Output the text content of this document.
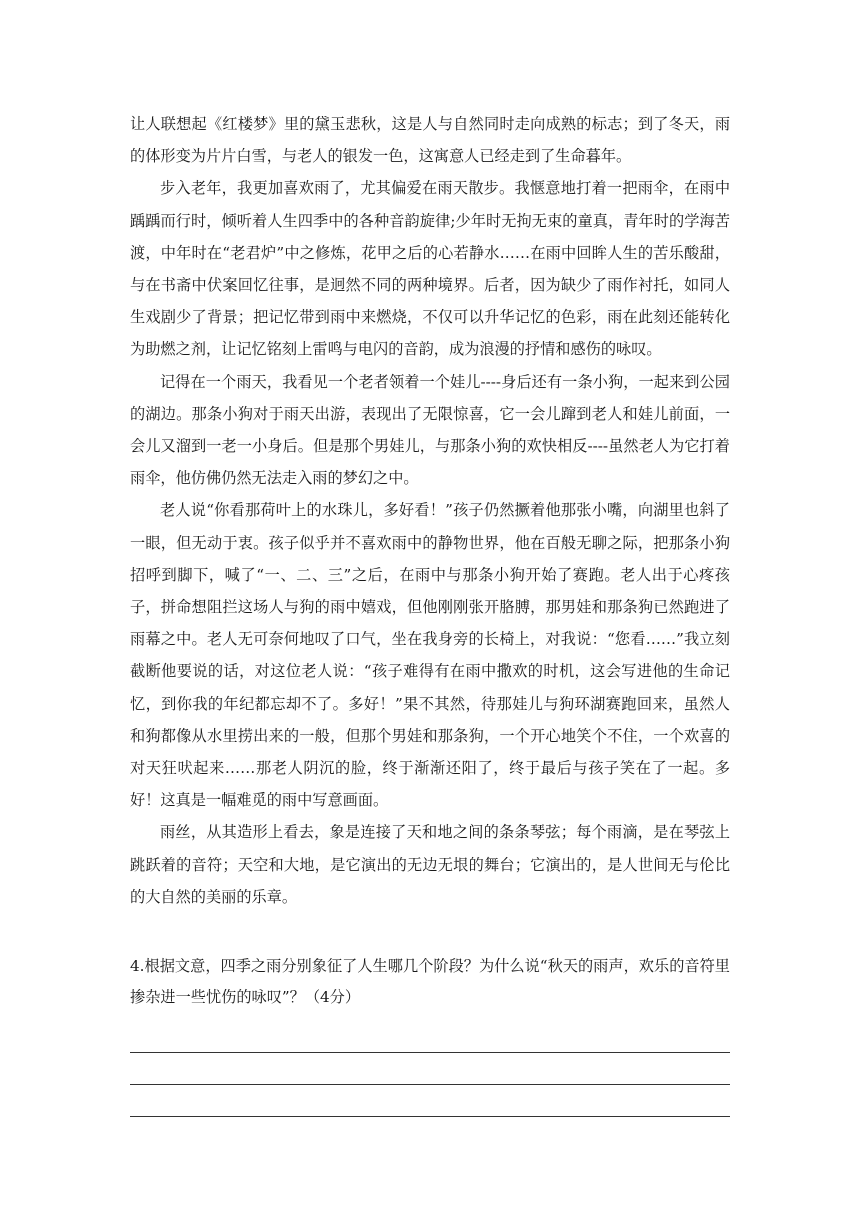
让人联想起《红楼梦》里的黛玉悲秋，这是人与自然同时走向成熟的标志；到了冬天，雨的体形变为片片白雪，与老人的银发一色，这寓意人已经走到了生命暮年。

步入老年，我更加喜欢雨了，尤其偏爱在雨天散步。我惬意地打着一把雨伞，在雨中踽踽而行时，倾听着人生四季中的各种音韵旋律;少年时无拘无束的童真，青年时的学海苦渡，中年时在“老君炉”中之修炼，花甲之后的心若静水……在雨中回眸人生的苦乐酸甜，与在书斋中伏案回忆往事，是迥然不同的两种境界。后者，因为缺少了雨作衬托，如同人生戏剧少了背景；把记忆带到雨中来燃烧，不仅可以升华记忆的色彩，雨在此刻还能转化为助燃之剂，让记忆铭刻上雷鸣与电闪的音韵，成为浪漫的抒情和感伤的咏叹。

记得在一个雨天，我看见一个老者领着一个娃儿----身后还有一条小狗，一起来到公园的湖边。那条小狗对于雨天出游，表现出了无限惊喜，它一会儿蹿到老人和娃儿前面，一会儿又溜到一老一小身后。但是那个男娃儿，与那条小狗的欢快相反----虽然老人为它打着雨伞，他仿佛仍然无法走入雨的梦幻之中。

老人说“你看那荷叶上的水珠儿，多好看！”孩子仍然撅着他那张小嘴，向湖里也斜了一眼，但无动于衷。孩子似乎并不喜欢雨中的静物世界，他在百般无聊之际，把那条小狗招呼到脚下，喊了“一、二、三”之后，在雨中与那条小狗开始了赛跑。老人出于心疼孩子，拼命想阻拦这场人与狗的雨中嬉戏，但他刚刚张开胳膊，那男娃和那条狗已然跑进了雨幕之中。老人无可奈何地叹了口气，坐在我身旁的长椅上，对我说：“您看……”我立刻截断他要说的话，对这位老人说：“孩子难得有在雨中撒欢的时机，这会写进他的生命记忆，到你我的年纪都忘却不了。多好！”果不其然，待那娃儿与狗环湖赛跑回来，虽然人和狗都像从水里捞出来的一般，但那个男娃和那条狗，一个开心地笑个不住，一个欢喜的对天狂吠起来……那老人阴沉的脸，终于渐渐还阳了，终于最后与孩子笑在了一起。多好！这真是一幅难觅的雨中写意画面。

雨丝，从其造形上看去，象是连接了天和地之间的条条琴弦；每个雨滴，是在琴弦上跳跃着的音符；天空和大地，是它演出的无边无垠的舞台；它演出的，是人世间无与伦比的大自然的美丽的乐章。

4.根据文意，四季之雨分别象征了人生哪几个阶段？为什么说“秋天的雨声，欢乐的音符里掺杂进一些忧伤的咏叹”？（4分）
